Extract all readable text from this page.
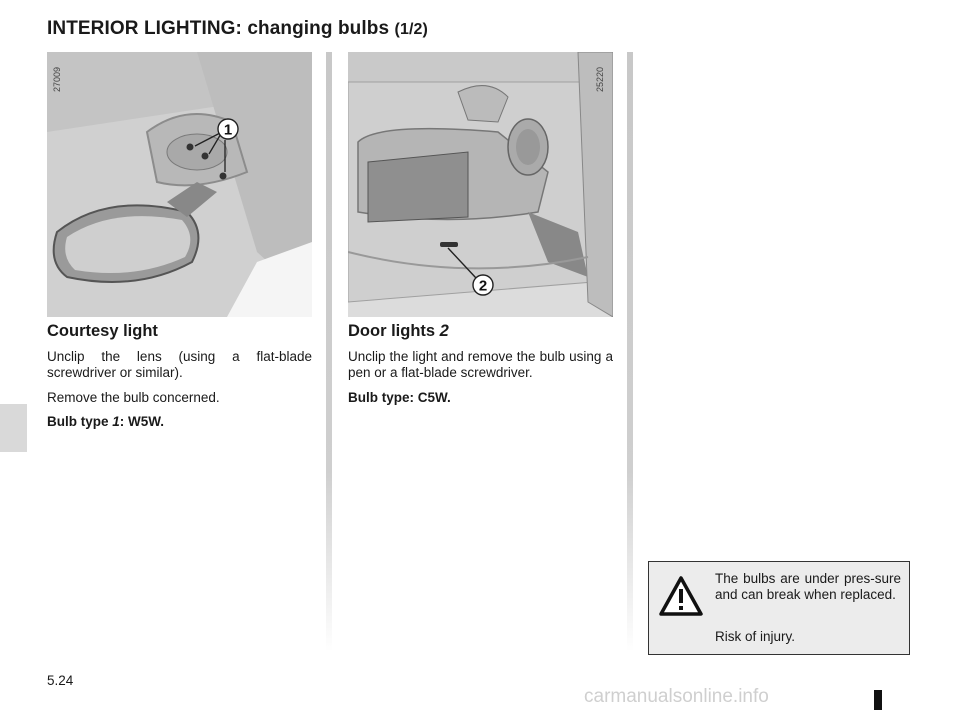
INTERIOR LIGHTING: changing bulbs (1/2)
1
27009
2
25220
Courtesy light

Unclip the lens (using a flat-blade screwdriver or similar).

Remove the bulb concerned.

Bulb type 1: W5W.

Door lights 2

Unclip the light and remove the bulb using a pen or a flat-blade screwdriver.

Bulb type: C5W.

The bulbs are under pres-sure and can break when replaced.

Risk of injury.

5.24
carmanualsonline.info
